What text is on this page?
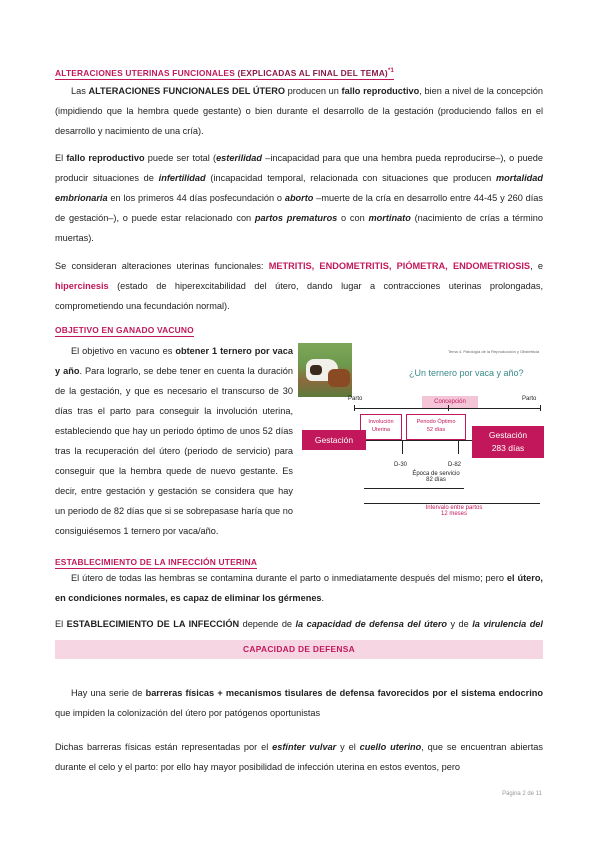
ALTERACIONES UTERINAS FUNCIONALES (EXPLICADAS AL FINAL DEL TEMA)$^{*1}$

Las ALTERACIONES FUNCIONALES DEL ÚTERO producen un fallo reproductivo, bien a nivel de la concepción (impidiendo que la hembra quede gestante) o bien durante el desarrollo de la gestación (produciendo fallos en el desarrollo y nacimiento de una cría).

El fallo reproductivo puede ser total (esterilidad –incapacidad para que una hembra pueda reproducirse–), o puede producir situaciones de infertilidad (incapacidad temporal, relacionada con situaciones que producen mortalidad embrionaria en los primeros 44 días posfecundación o aborto –muerte de la cría en desarrollo entre 44-45 y 260 días de gestación–), o puede estar relacionado con partos prematuros o con mortinato (nacimiento de crías a término muertas).

Se consideran alteraciones uterinas funcionales: METRITIS, ENDOMETRITIS, PIÓMETRA, ENDOMETRIOSIS, e hipercinesis (estado de hiperexcitabilidad del útero, dando lugar a contracciones uterinas prolongadas, comprometiendo una fecundación normal).

OBJETIVO EN GANADO VACUNO

El objetivo en vacuno es obtener 1 ternero por vaca y año. Para lograrlo, se debe tener en cuenta la duración de la gestación, y que es necesario el transcurso de 30 días tras el parto para conseguir la involución uterina, estableciendo que hay un periodo óptimo de unos 52 días tras la recuperación del útero (periodo de servicio) para conseguir que la hembra quede de nuevo gestante. Es decir, entre gestación y gestación se considera que hay un periodo de 82 días que si se sobrepasase haría que no consiguiésemos 1 ternero por vaca/año.

Tema 4. Patología de la Reproducción y Obstetricia
¿Un ternero por vaca y año?
Concepción
Parto	Parto
Involución
Uterina
Periodo Óptimo
52 días
Gestación	Gestación
283 días
D-30	D-82
Época de servicio
82 días
Intervalo entre partos
12 meses
ESTABLECIMIENTO DE LA INFECCIÓN UTERINA

El útero de todas las hembras se contamina durante el parto o inmediatamente después del mismo; pero el útero, en condiciones normales, es capaz de eliminar los gérmenes.

El ESTABLECIMIENTO DE LA INFECCIÓN depende de la capacidad de defensa del útero y de la virulencia del

CAPACIDAD DE DEFENSA

Hay una serie de barreras físicas + mecanismos tisulares de defensa favorecidos por el sistema endocrino que impiden la colonización del útero por patógenos oportunistas

Dichas barreras físicas están representadas por el esfínter vulvar y el cuello uterino, que se encuentran abiertas durante el celo y el parto: por ello hay mayor posibilidad de infección uterina en estos eventos, pero

Página 2 de 11
